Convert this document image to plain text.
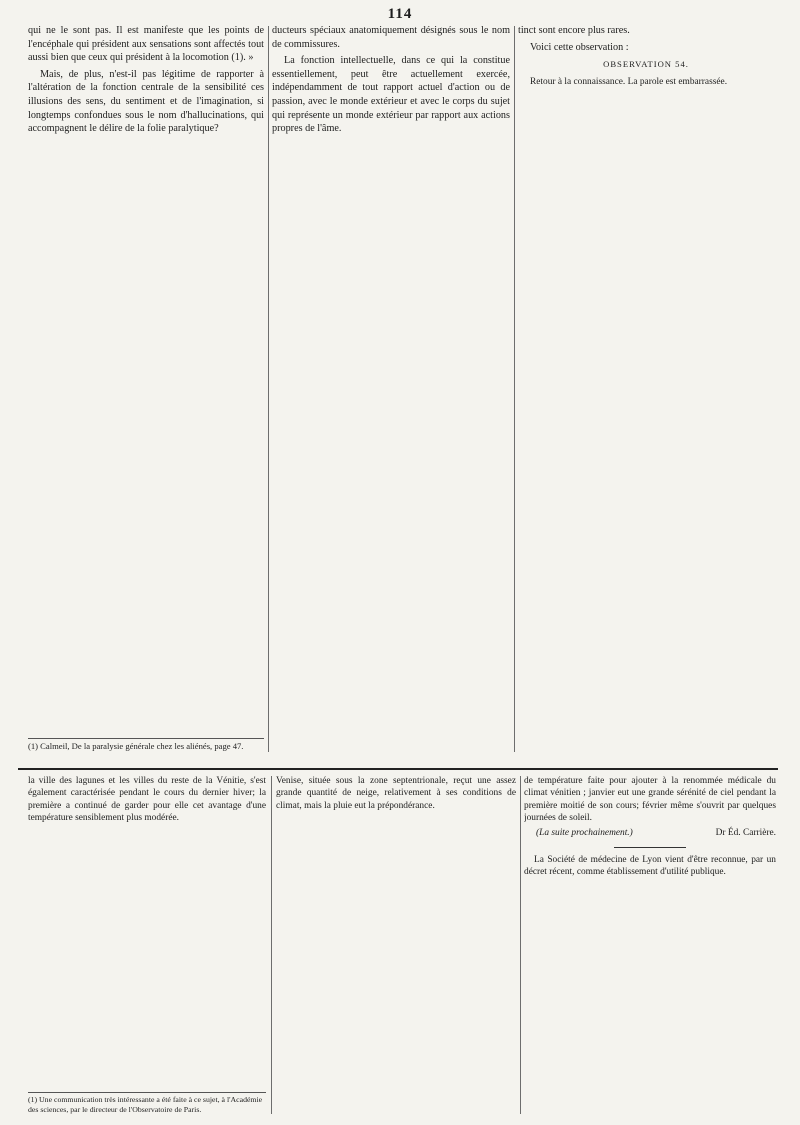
114

qui ne le sont pas. Il est manifeste que les points de l'encéphale qui président aux sensations sont affectés tout aussi bien que ceux qui président à la locomotion (1). »

Mais, de plus, n'est-il pas légitime de rapporter à l'altération de la fonction centrale de la sensibilité ces illusions des sens, du sentiment et de l'imagination, si longtemps confondues sous le nom d'hallucinations, qui accompagnent le délire de la folie paralytique?

ducteurs spéciaux anatomiquement désignés sous le nom de commissures.

La fonction intellectuelle, dans ce qui la constitue essentiellement, peut être actuellement exercée, indépendamment de tout rapport actuel d'action ou de passion, avec le monde extérieur et avec le corps du sujet qui représente un monde extérieur par rapport aux actions propres de l'âme.

tinct sont encore plus rares.

Voici cette observation :

OBSERVATION 54.

Retour à la connaissance. La parole est embarrassée.

(1) Calmeil, De la paralysie générale chez les aliénés, page 47.

la ville des lagunes et les villes du reste de la Vénitie, s'est également caractérisée pendant le cours du dernier hiver; la première a continué de garder pour elle cet avantage d'une température sensiblement plus modérée.

Venise, située sous la zone septentrionale, reçut une assez grande quantité de neige, relativement à ses conditions de climat, mais la pluie eut la prépondérance.

de température faite pour ajouter à la renommée médicale du climat vénitien ; janvier eut une grande sérénité de ciel pendant la première moitié de son cours; février même s'ouvrit par quelques journées de soleil.

(La suite prochainement.)	Dr Éd. Carrière.

La Société de médecine de Lyon vient d'être reconnue, par un décret récent, comme établissement d'utilité publique.

(1) Une communication très intéressante a été faite à ce sujet, à l'Académie des sciences, par le directeur de l'Observatoire de Paris.
